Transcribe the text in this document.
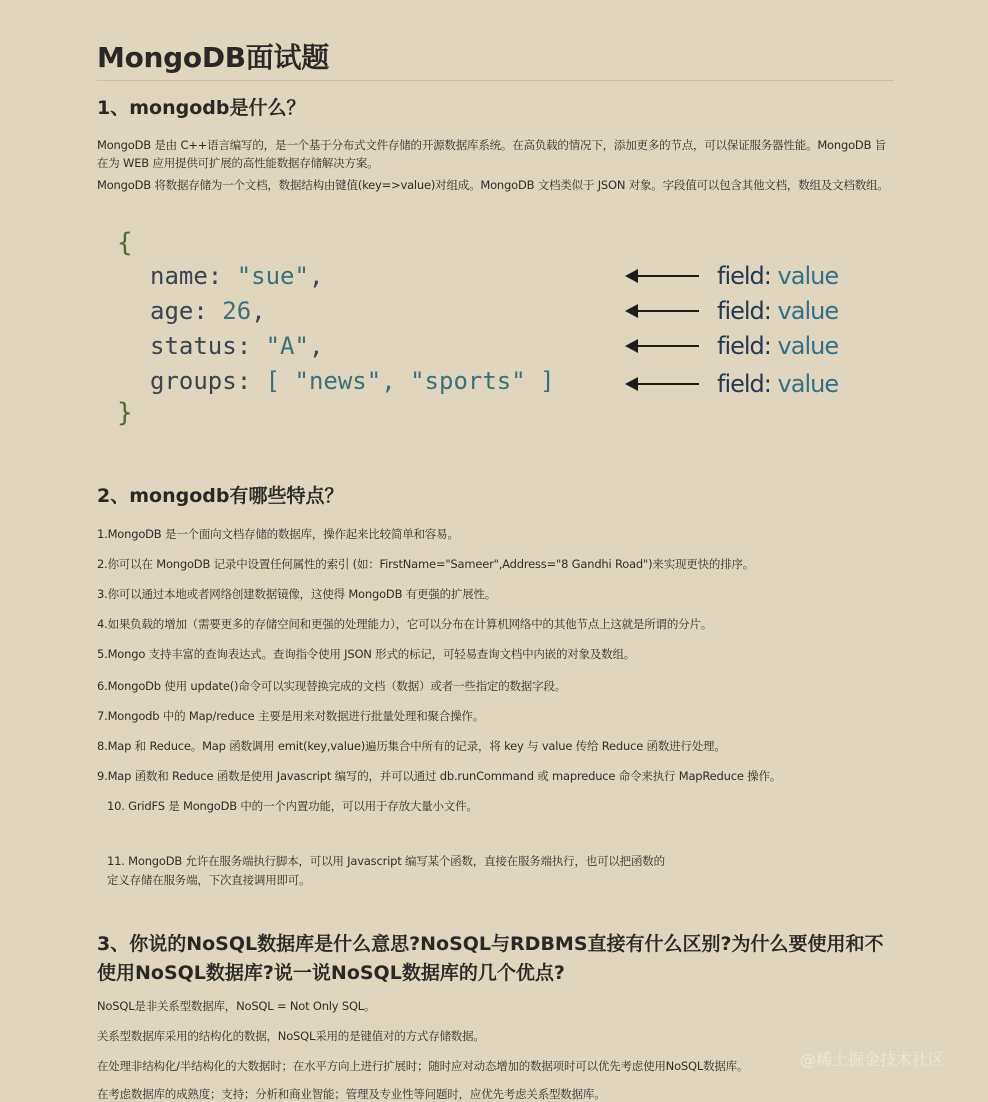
MongoDB面试题
1、mongodb是什么？
MongoDB 是由 C++语言编写的，是一个基于分布式文件存储的开源数据库系统。在高负载的情况下，添加更多的节点，可以保证服务器性能。MongoDB 旨在为 WEB 应用提供可扩展的高性能数据存储解决方案。
MongoDB 将数据存储为一个文档，数据结构由键值(key=>value)对组成。MongoDB 文档类似于 JSON 对象。字段值可以包含其他文档，数组及文档数组。
{
name: "sue",
age: 26,
status: "A",
groups: [ "news", "sports" ]
}
field: value
field: value
field: value
field: value
2、mongodb有哪些特点？
1.MongoDB 是一个面向文档存储的数据库，操作起来比较简单和容易。
2.你可以在 MongoDB 记录中设置任何属性的索引 (如：FirstName="Sameer",Address="8 Gandhi Road")来实现更快的排序。
3.你可以通过本地或者网络创建数据镜像，这使得 MongoDB 有更强的扩展性。
4.如果负载的增加（需要更多的存储空间和更强的处理能力），它可以分布在计算机网络中的其他节点上这就是所谓的分片。
5.Mongo 支持丰富的查询表达式。查询指令使用 JSON 形式的标记，可轻易查询文档中内嵌的对象及数组。
6.MongoDb 使用 update()命令可以实现替换完成的文档（数据）或者一些指定的数据字段。
7.Mongodb 中的 Map/reduce 主要是用来对数据进行批量处理和聚合操作。
8.Map 和 Reduce。Map 函数调用 emit(key,value)遍历集合中所有的记录，将 key 与 value 传给 Reduce 函数进行处理。
9.Map 函数和 Reduce 函数是使用 Javascript 编写的，并可以通过 db.runCommand 或 mapreduce 命令来执行 MapReduce 操作。
10. GridFS 是 MongoDB 中的一个内置功能，可以用于存放大量小文件。
11. MongoDB 允许在服务端执行脚本，可以用 Javascript 编写某个函数，直接在服务端执行，也可以把函数的定义存储在服务端，下次直接调用即可。
3、你说的NoSQL数据库是什么意思?NoSQL与RDBMS直接有什么区别?为什么要使用和不使用NoSQL数据库?说一说NoSQL数据库的几个优点?
NoSQL是非关系型数据库，NoSQL = Not Only SQL。
关系型数据库采用的结构化的数据，NoSQL采用的是键值对的方式存储数据。
在处理非结构化/半结构化的大数据时；在水平方向上进行扩展时；随时应对动态增加的数据项时可以优先考虑使用NoSQL数据库。
在考虑数据库的成熟度；支持；分析和商业智能；管理及专业性等问题时，应优先考虑关系型数据库。
@稀土掘金技术社区
